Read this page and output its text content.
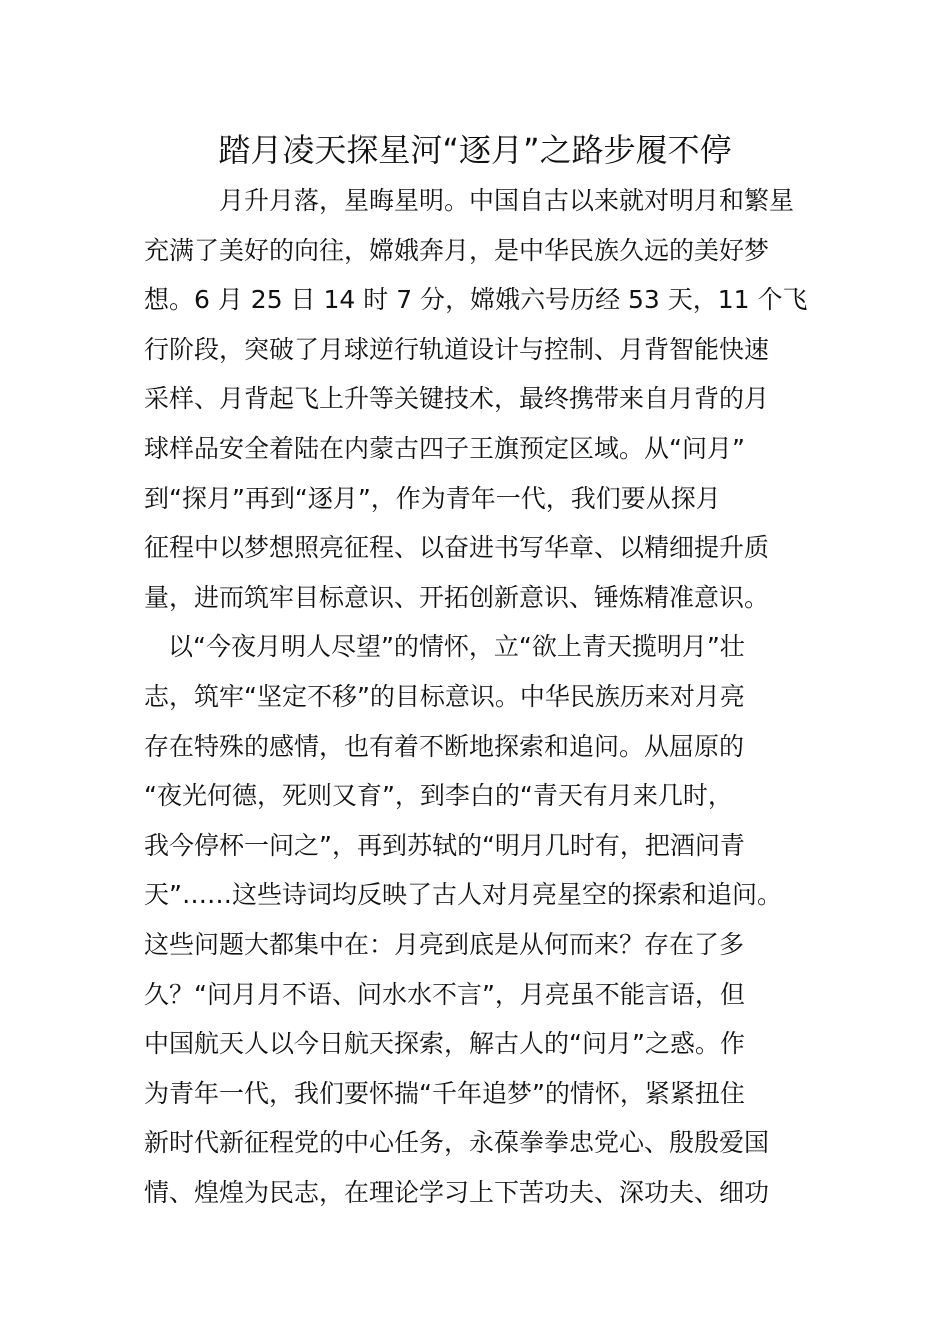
踏月凌天探星河“逐月”之路步履不停
月升月落，星晦星明。中国自古以来就对明月和繁星
充满了美好的向往，嫦娥奔月，是中华民族久远的美好梦
想。6 月 25 日 14 时 7 分，嫦娥六号历经 53 天，11 个飞
行阶段，突破了月球逆行轨道设计与控制、月背智能快速
采样、月背起飞上升等关键技术，最终携带来自月背的月
球样品安全着陆在内蒙古四子王旗预定区域。从“问月”
到“探月”再到“逐月”，作为青年一代，我们要从探月
征程中以梦想照亮征程、以奋进书写华章、以精细提升质
量，进而筑牢目标意识、开拓创新意识、锤炼精准意识。
以“今夜月明人尽望”的情怀，立“欲上青天揽明月”壮
志，筑牢“坚定不移”的目标意识。中华民族历来对月亮
存在特殊的感情，也有着不断地探索和追问。从屈原的
“夜光何德，死则又育”，到李白的“青天有月来几时，
我今停杯一问之”，再到苏轼的“明月几时有，把酒问青
天”……这些诗词均反映了古人对月亮星空的探索和追问。
这些问题大都集中在：月亮到底是从何而来？存在了多
久？“问月月不语、问水水不言”，月亮虽不能言语，但
中国航天人以今日航天探索，解古人的“问月”之惑。作
为青年一代，我们要怀揣“千年追梦”的情怀，紧紧扭住
新时代新征程党的中心任务，永葆拳拳忠党心、殷殷爱国
情、煌煌为民志，在理论学习上下苦功夫、深功夫、细功
